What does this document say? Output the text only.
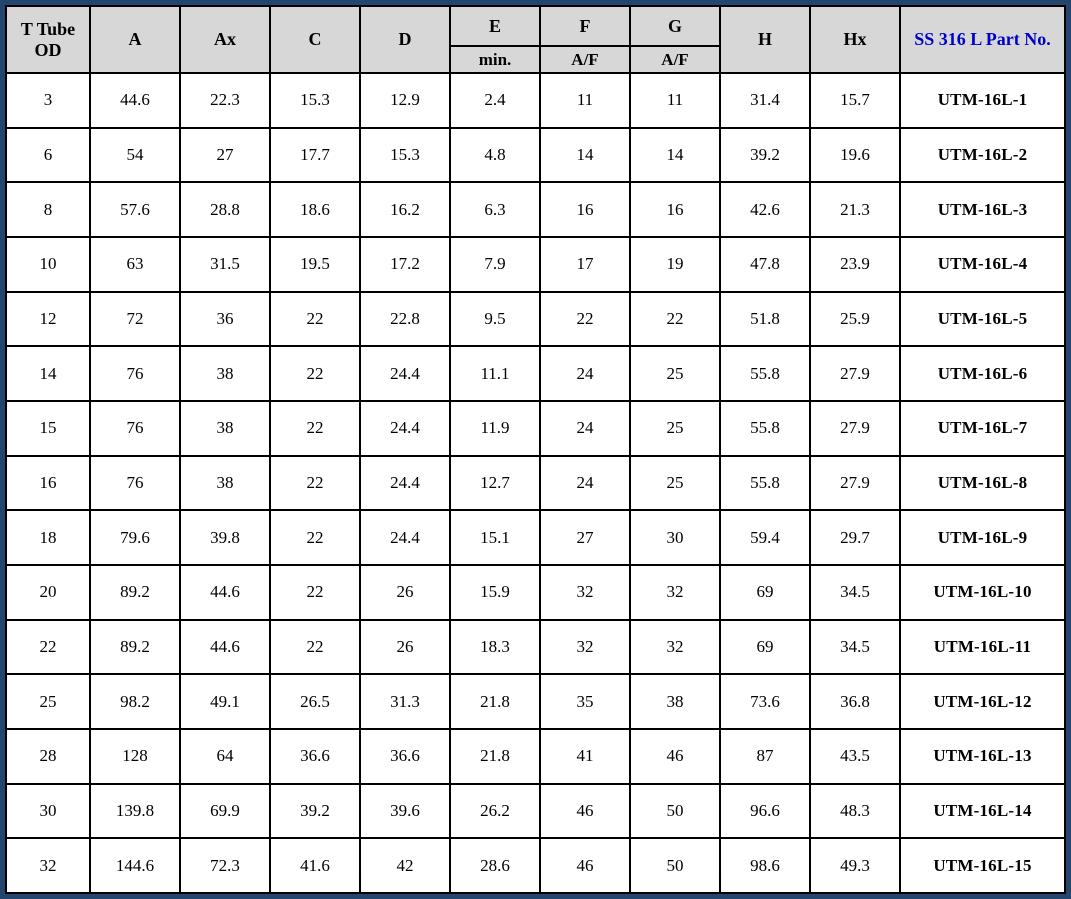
T Tube OD	A	Ax	C	D	E	F	G	H	Hx	SS 316 L Part No.
					min.	A/F	A/F			
3	44.6	22.3	15.3	12.9	2.4	11	11	31.4	15.7	UTM-16L-1
6	54	27	17.7	15.3	4.8	14	14	39.2	19.6	UTM-16L-2
8	57.6	28.8	18.6	16.2	6.3	16	16	42.6	21.3	UTM-16L-3
10	63	31.5	19.5	17.2	7.9	17	19	47.8	23.9	UTM-16L-4
12	72	36	22	22.8	9.5	22	22	51.8	25.9	UTM-16L-5
14	76	38	22	24.4	11.1	24	25	55.8	27.9	UTM-16L-6
15	76	38	22	24.4	11.9	24	25	55.8	27.9	UTM-16L-7
16	76	38	22	24.4	12.7	24	25	55.8	27.9	UTM-16L-8
18	79.6	39.8	22	24.4	15.1	27	30	59.4	29.7	UTM-16L-9
20	89.2	44.6	22	26	15.9	32	32	69	34.5	UTM-16L-10
22	89.2	44.6	22	26	18.3	32	32	69	34.5	UTM-16L-11
25	98.2	49.1	26.5	31.3	21.8	35	38	73.6	36.8	UTM-16L-12
28	128	64	36.6	36.6	21.8	41	46	87	43.5	UTM-16L-13
30	139.8	69.9	39.2	39.6	26.2	46	50	96.6	48.3	UTM-16L-14
32	144.6	72.3	41.6	42	28.6	46	50	98.6	49.3	UTM-16L-15
